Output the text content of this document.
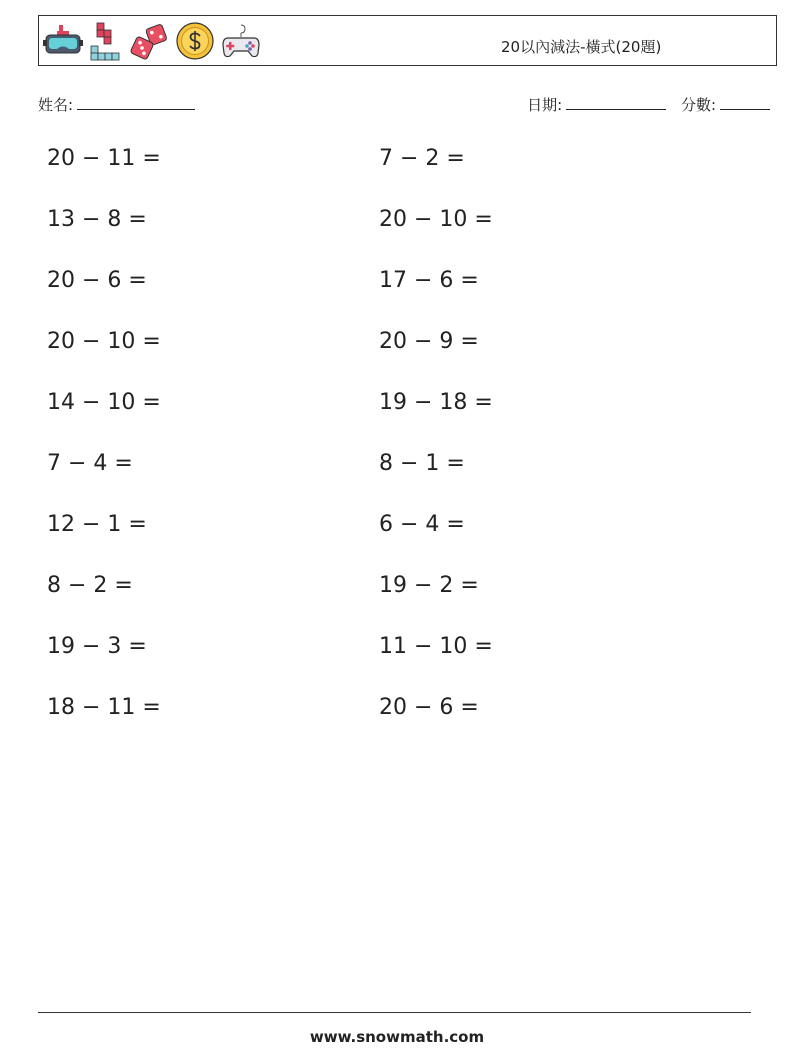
20以內減法-橫式(20題)
姓名:	日期:	分數:
20 − 11 =	7 − 2 =
13 − 8 =	20 − 10 =
20 − 6 =	17 − 6 =
20 − 10 =	20 − 9 =
14 − 10 =	19 − 18 =
7 − 4 =	8 − 1 =
12 − 1 =	6 − 4 =
8 − 2 =	19 − 2 =
19 − 3 =	11 − 10 =
18 − 11 =	20 − 6 =
www.snowmath.com
